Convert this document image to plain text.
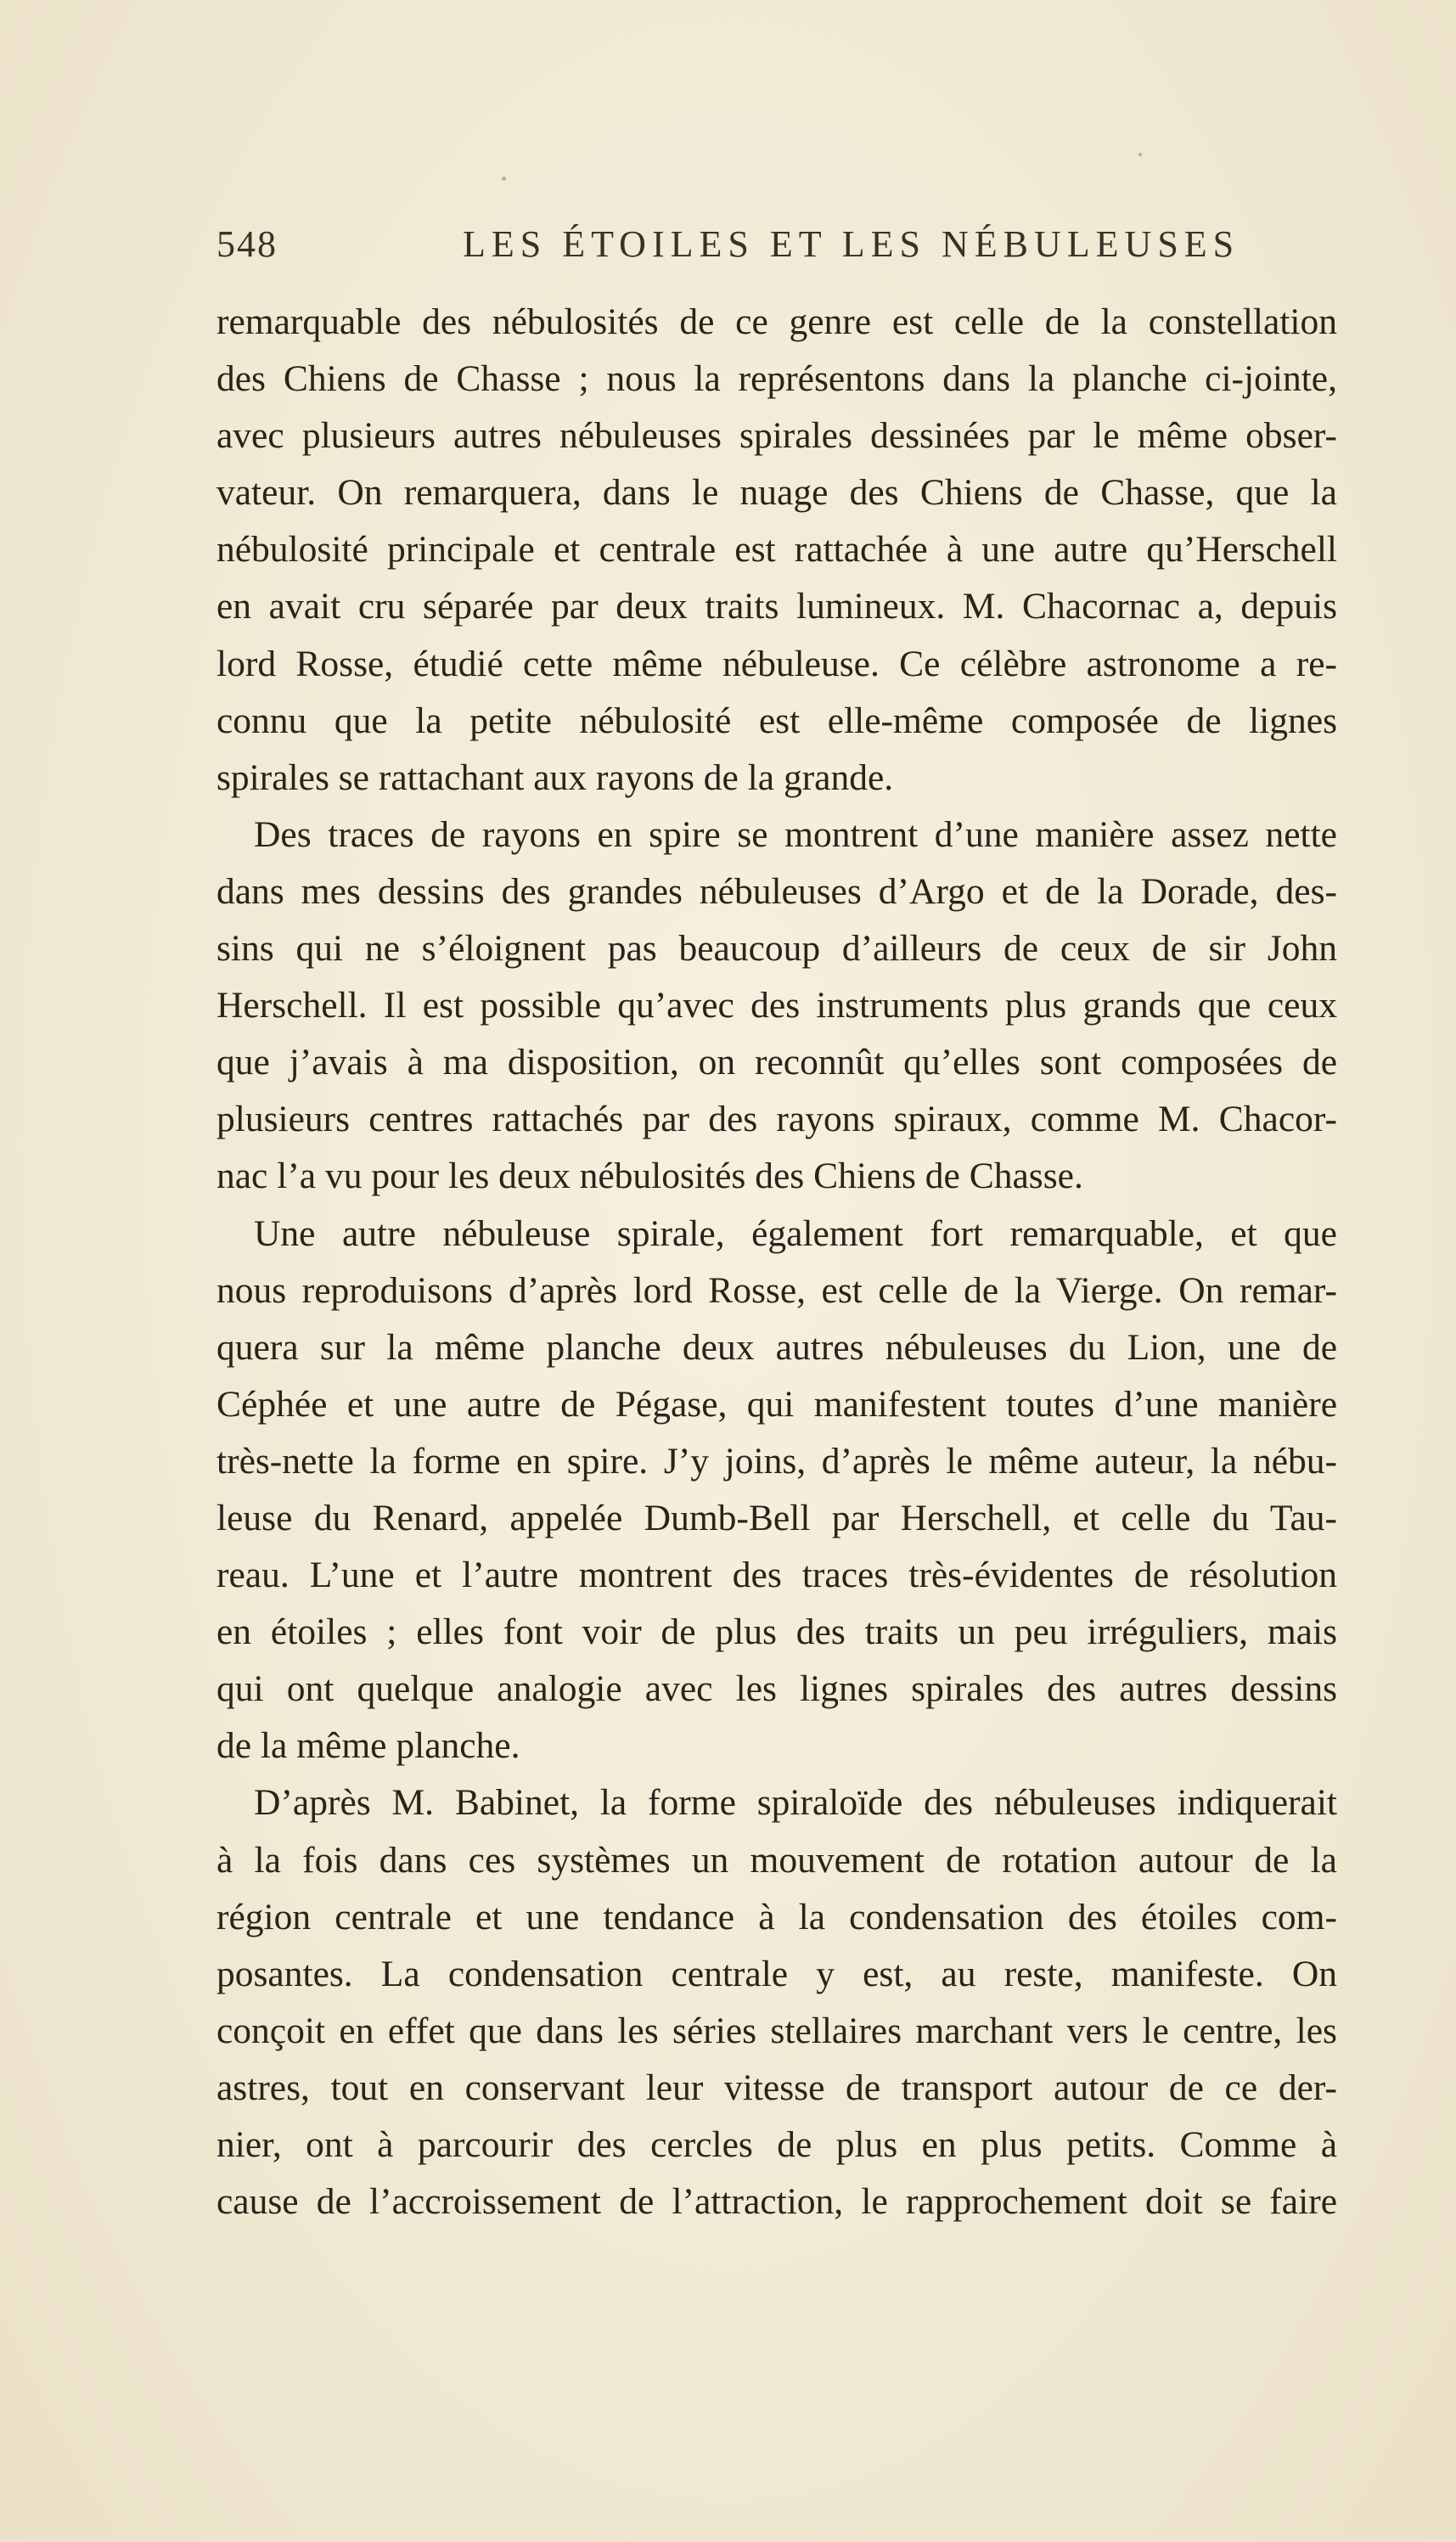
548	LES ÉTOILES ET LES NÉBULEUSES
remarquable des nébulosités de ce genre est celle de la constellation
des Chiens de Chasse ; nous la représentons dans la planche ci-jointe,
avec plusieurs autres nébuleuses spirales dessinées par le même obser-
vateur. On remarquera, dans le nuage des Chiens de Chasse, que la
nébulosité principale et centrale est rattachée à une autre qu’Herschell
en avait cru séparée par deux traits lumineux. M. Chacornac a, depuis
lord Rosse, étudié cette même nébuleuse. Ce célèbre astronome a re-
connu que la petite nébulosité est elle-même composée de lignes
spirales se rattachant aux rayons de la grande.
Des traces de rayons en spire se montrent d’une manière assez nette
dans mes dessins des grandes nébuleuses d’Argo et de la Dorade, des-
sins qui ne s’éloignent pas beaucoup d’ailleurs de ceux de sir John
Herschell. Il est possible qu’avec des instruments plus grands que ceux
que j’avais à ma disposition, on reconnût qu’elles sont composées de
plusieurs centres rattachés par des rayons spiraux, comme M. Chacor-
nac l’a vu pour les deux nébulosités des Chiens de Chasse.
Une autre nébuleuse spirale, également fort remarquable, et que
nous reproduisons d’après lord Rosse, est celle de la Vierge. On remar-
quera sur la même planche deux autres nébuleuses du Lion, une de
Céphée et une autre de Pégase, qui manifestent toutes d’une manière
très-nette la forme en spire. J’y joins, d’après le même auteur, la nébu-
leuse du Renard, appelée Dumb-Bell par Herschell, et celle du Tau-
reau. L’une et l’autre montrent des traces très-évidentes de résolution
en étoiles ; elles font voir de plus des traits un peu irréguliers, mais
qui ont quelque analogie avec les lignes spirales des autres dessins
de la même planche.
D’après M. Babinet, la forme spiraloïde des nébuleuses indiquerait
à la fois dans ces systèmes un mouvement de rotation autour de la
région centrale et une tendance à la condensation des étoiles com-
posantes. La condensation centrale y est, au reste, manifeste. On
conçoit en effet que dans les séries stellaires marchant vers le centre, les
astres, tout en conservant leur vitesse de transport autour de ce der-
nier, ont à parcourir des cercles de plus en plus petits. Comme à
cause de l’accroissement de l’attraction, le rapprochement doit se faire
